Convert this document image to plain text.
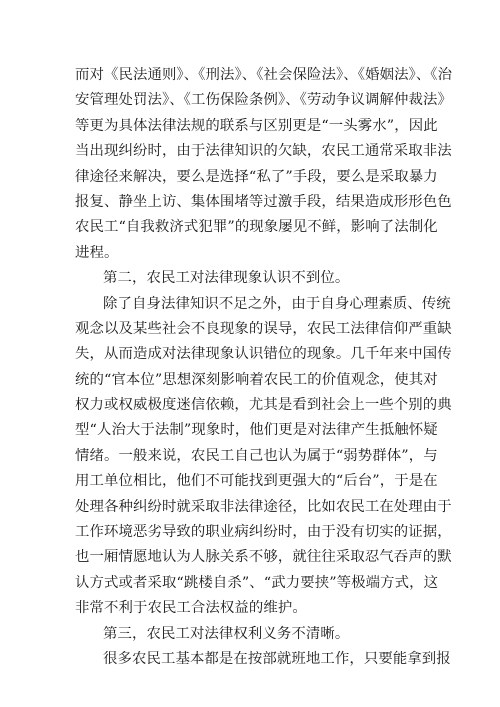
而对《民法通则》、《刑法》、《社会保险法》、《婚姻法》、《治
安管理处罚法》、《工伤保险条例》、《劳动争议调解仲裁法》
等更为具体法律法规的联系与区别更是“一头雾水”，因此
当出现纠纷时，由于法律知识的欠缺，农民工通常采取非法
律途径来解决，要么是选择“私了”手段，要么是采取暴力
报复、静坐上访、集体围堵等过激手段，结果造成形形色色
农民工“自我救济式犯罪”的现象屡见不鲜，影响了法制化
进程。
第二，农民工对法律现象认识不到位。
除了自身法律知识不足之外，由于自身心理素质、传统
观念以及某些社会不良现象的误导，农民工法律信仰严重缺
失，从而造成对法律现象认识错位的现象。几千年来中国传
统的“官本位”思想深刻影响着农民工的价值观念，使其对
权力或权威极度迷信依赖，尤其是看到社会上一些个别的典
型“人治大于法制”现象时，他们更是对法律产生抵触怀疑
情绪。一般来说，农民工自己也认为属于“弱势群体”，与
用工单位相比，他们不可能找到更强大的“后台”，于是在
处理各种纠纷时就采取非法律途径，比如农民工在处理由于
工作环境恶劣导致的职业病纠纷时，由于没有切实的证据，
也一厢情愿地认为人脉关系不够，就往往采取忍气吞声的默
认方式或者采取“跳楼自杀”、“武力要挟”等极端方式，这
非常不利于农民工合法权益的维护。
第三，农民工对法律权利义务不清晰。
很多农民工基本都是在按部就班地工作，只要能拿到报
